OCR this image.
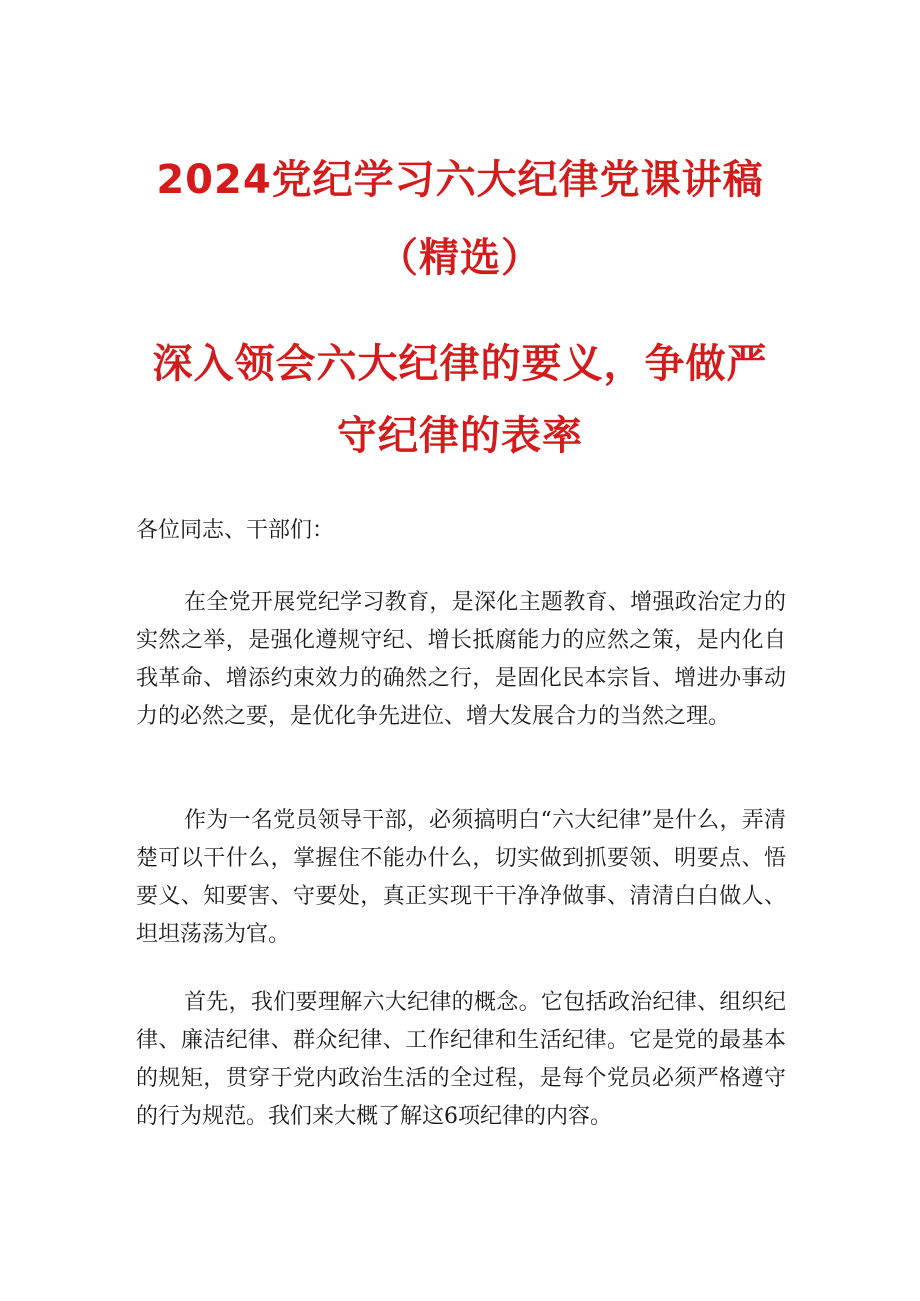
2024党纪学习六大纪律党课讲稿
（精选）
深入领会六大纪律的要义，争做严
守纪律的表率

各位同志、干部们：

在全党开展党纪学习教育，是深化主题教育、增强政治定力的实然之举，是强化遵规守纪、增长抵腐能力的应然之策，是内化自我革命、增添约束效力的确然之行，是固化民本宗旨、增进办事动力的必然之要，是优化争先进位、增大发展合力的当然之理。

作为一名党员领导干部，必须搞明白“六大纪律”是什么，弄清楚可以干什么，掌握住不能办什么，切实做到抓要领、明要点、悟要义、知要害、守要处，真正实现干干净净做事、清清白白做人、坦坦荡荡为官。

首先，我们要理解六大纪律的概念。它包括政治纪律、组织纪律、廉洁纪律、群众纪律、工作纪律和生活纪律。它是党的最基本的规矩，贯穿于党内政治生活的全过程，是每个党员必须严格遵守的行为规范。我们来大概了解这6项纪律的内容。
